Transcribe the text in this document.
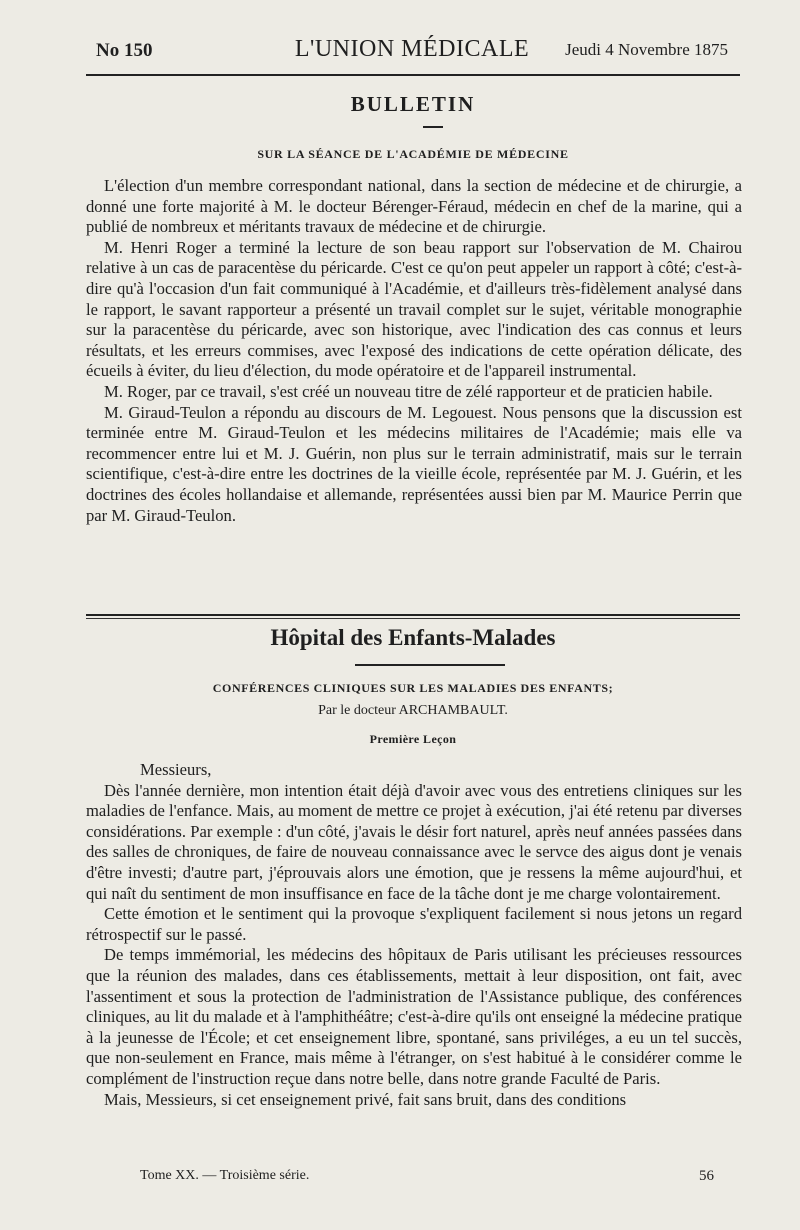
No 150	L'UNION MÉDICALE	Jeudi 4 Novembre 1875
BULLETIN
SUR LA SÉANCE DE L'ACADÉMIE DE MÉDECINE

L'élection d'un membre correspondant national, dans la section de médecine et de chirurgie, a donné une forte majorité à M. le docteur Bérenger-Féraud, médecin en chef de la marine, qui a publié de nombreux et méritants travaux de médecine et de chirurgie.

M. Henri Roger a terminé la lecture de son beau rapport sur l'observation de M. Chairou relative à un cas de paracentèse du péricarde. C'est ce qu'on peut appeler un rapport à côté; c'est-à-dire qu'à l'occasion d'un fait communiqué à l'Académie, et d'ailleurs très-fidèlement analysé dans le rapport, le savant rapporteur a présenté un travail complet sur le sujet, véritable monographie sur la paracentèse du péricarde, avec son historique, avec l'indication des cas connus et leurs résultats, et les erreurs commises, avec l'exposé des indications de cette opération délicate, des écueils à éviter, du lieu d'élection, du mode opératoire et de l'appareil instrumental.

M. Roger, par ce travail, s'est créé un nouveau titre de zélé rapporteur et de praticien habile.

M. Giraud-Teulon a répondu au discours de M. Legouest. Nous pensons que la discussion est terminée entre M. Giraud-Teulon et les médecins militaires de l'Académie; mais elle va recommencer entre lui et M. J. Guérin, non plus sur le terrain administratif, mais sur le terrain scientifique, c'est-à-dire entre les doctrines de la vieille école, représentée par M. J. Guérin, et les doctrines des écoles hollandaise et allemande, représentées aussi bien par M. Maurice Perrin que par M. Giraud-Teulon.

Hôpital des Enfants-Malades
CONFÉRENCES CLINIQUES SUR LES MALADIES DES ENFANTS;
Par le docteur ARCHAMBAULT.
Première Leçon

Messieurs,

Dès l'année dernière, mon intention était déjà d'avoir avec vous des entretiens cliniques sur les maladies de l'enfance. Mais, au moment de mettre ce projet à exécution, j'ai été retenu par diverses considérations. Par exemple : d'un côté, j'avais le désir fort naturel, après neuf années passées dans des salles de chroniques, de faire de nouveau connaissance avec le servce des aigus dont je venais d'être investi; d'autre part, j'éprouvais alors une émotion, que je ressens la même aujourd'hui, et qui naît du sentiment de mon insuffisance en face de la tâche dont je me charge volontairement.

Cette émotion et le sentiment qui la provoque s'expliquent facilement si nous jetons un regard rétrospectif sur le passé.

De temps immémorial, les médecins des hôpitaux de Paris utilisant les précieuses ressources que la réunion des malades, dans ces établissements, mettait à leur disposition, ont fait, avec l'assentiment et sous la protection de l'administration de l'Assistance publique, des conférences cliniques, au lit du malade et à l'amphithéâtre; c'est-à-dire qu'ils ont enseigné la médecine pratique à la jeunesse de l'École; et cet enseignement libre, spontané, sans priviléges, a eu un tel succès, que non-seulement en France, mais même à l'étranger, on s'est habitué à le considérer comme le complément de l'instruction reçue dans notre belle, dans notre grande Faculté de Paris.

Mais, Messieurs, si cet enseignement privé, fait sans bruit, dans des conditions

Tome XX. — Troisième série.	56
